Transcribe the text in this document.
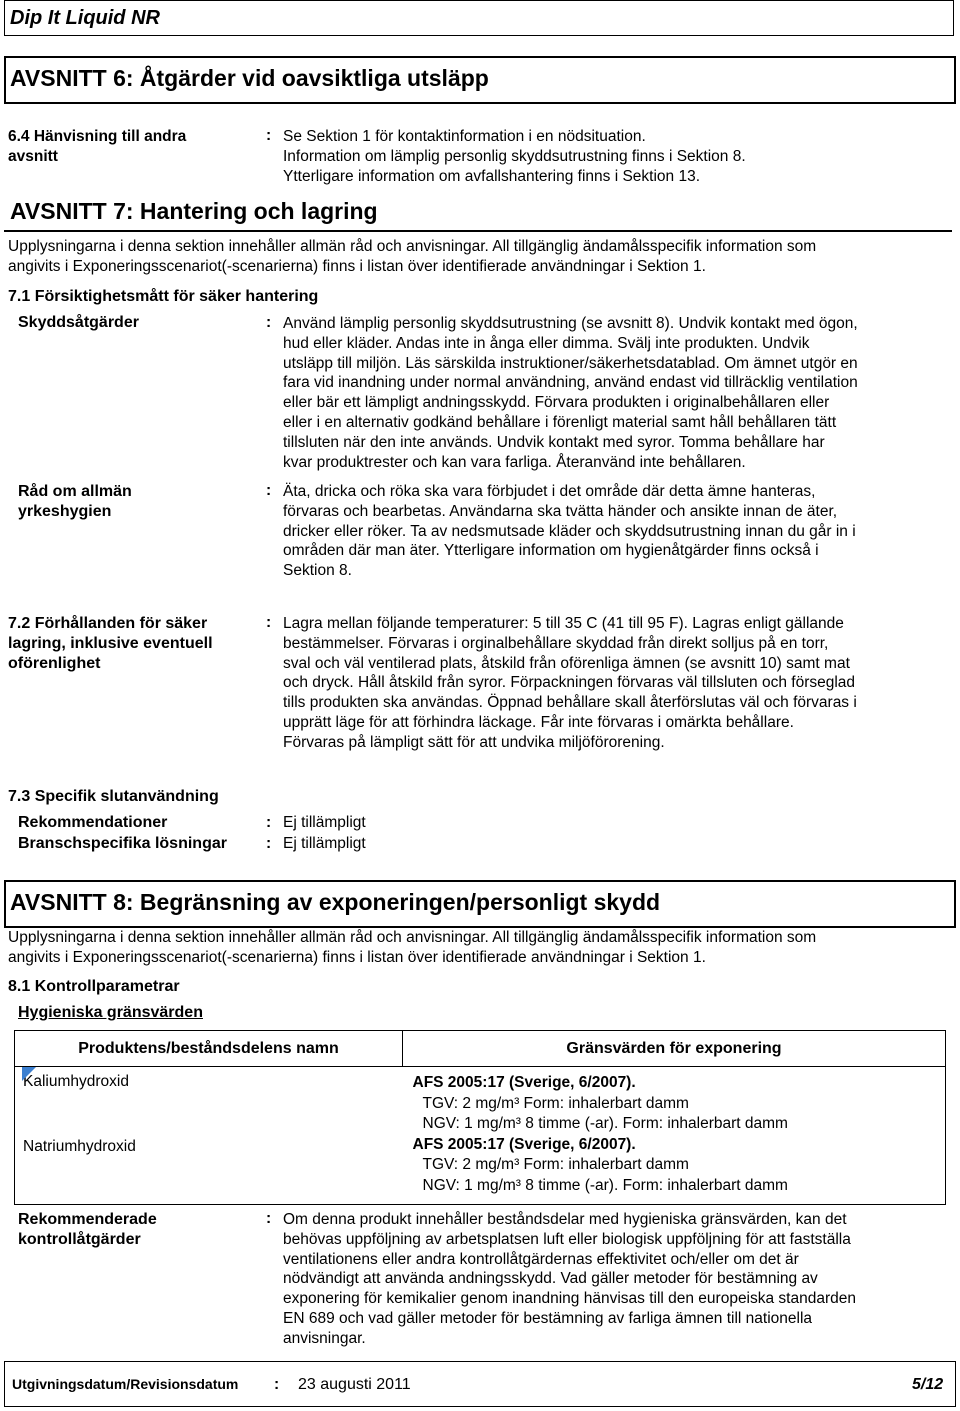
Dip It Liquid NR
AVSNITT 6: Åtgärder vid oavsiktliga utsläpp
6.4 Hänvisning till andra
avsnitt
: Se Sektion 1 för kontaktinformation i en nödsituation.
Information om lämplig personlig skyddsutrustning finns i Sektion 8.
Ytterligare information om avfallshantering finns i Sektion 13.
AVSNITT 7: Hantering och lagring
Upplysningarna i denna sektion innehåller allmän råd och anvisningar. All tillgänglig ändamålsspecifik information som
angivits i Exponeringsscenariot(-scenarierna) finns i listan över identifierade användningar i Sektion 1.
7.1 Försiktighetsmått för säker hantering
Skyddsåtgärder	: Använd lämplig personlig skyddsutrustning (se avsnitt 8). Undvik kontakt med ögon,
hud eller kläder. Andas inte in ånga eller dimma. Svälj inte produkten. Undvik
utsläpp till miljön. Läs särskilda instruktioner/säkerhetsdatablad. Om ämnet utgör en
fara vid inandning under normal användning, använd endast vid tillräcklig ventilation
eller bär ett lämpligt andningsskydd. Förvara produkten i originalbehållaren eller
eller i en alternativ godkänd behållare i förenligt material samt håll behållaren tätt
tillsluten när den inte används. Undvik kontakt med syror. Tomma behållare har
kvar produktrester och kan vara farliga. Återanvänd inte behållaren.
Råd om allmän
yrkeshygien
: Äta, dricka och röka ska vara förbjudet i det område där detta ämne hanteras,
förvaras och bearbetas. Användarna ska tvätta händer och ansikte innan de äter,
dricker eller röker. Ta av nedsmutsade kläder och skyddsutrustning innan du går in i
områden där man äter. Ytterligare information om hygienåtgärder finns också i
Sektion 8.
7.2 Förhållanden för säker
lagring, inklusive eventuell
oförenlighet
: Lagra mellan följande temperaturer: 5 till 35 C (41 till 95 F). Lagras enligt gällande
bestämmelser. Förvaras i orginalbehållare skyddad från direkt solljus på en torr,
sval och väl ventilerad plats, åtskild från oförenliga ämnen (se avsnitt 10) samt mat
och dryck. Håll åtskild från syror. Förpackningen förvaras väl tillsluten och förseglad
tills produkten ska användas. Öppnad behållare skall återförslutas väl och förvaras i
upprätt läge för att förhindra läckage. Får inte förvaras i omärkta behållare.
Förvaras på lämpligt sätt för att undvika miljöförorening.
7.3 Specifik slutanvändning
Rekommendationer	: Ej tillämpligt
Branschspecifika lösningar	: Ej tillämpligt
AVSNITT 8: Begränsning av exponeringen/personligt skydd
Upplysningarna i denna sektion innehåller allmän råd och anvisningar. All tillgänglig ändamålsspecifik information som
angivits i Exponeringsscenariot(-scenarierna) finns i listan över identifierade användningar i Sektion 1.
8.1 Kontrollparametrar
Hygieniska gränsvärden
Produktens/beståndsdelens namn	Gränsvärden för exponering
Kaliumhydroxid	AFS 2005:17 (Sverige, 6/2007).
TGV: 2 mg/m³ Form: inhalerbart damm
NGV: 1 mg/m³ 8 timme (-ar). Form: inhalerbart damm

Natriumhydroxid	AFS 2005:17 (Sverige, 6/2007).
TGV: 2 mg/m³ Form: inhalerbart damm
NGV: 1 mg/m³ 8 timme (-ar). Form: inhalerbart damm
Rekommenderade
kontrollåtgärder
: Om denna produkt innehåller beståndsdelar med hygieniska gränsvärden, kan det
behövas uppföljning av arbetsplatsen luft eller biologisk uppföljning för att fastställa
ventilationens eller andra kontrollåtgärdernas effektivitet och/eller om det är
nödvändigt att använda andningsskydd. Vad gäller metoder för bestämning av
exponering för kemikalier genom inandning hänvisas till den europeiska standarden
EN 689 och vad gäller metoder för bestämning av farliga ämnen till nationella
anvisningar.
Utgivningsdatum/Revisionsdatum : 23 augusti 2011	5/12
